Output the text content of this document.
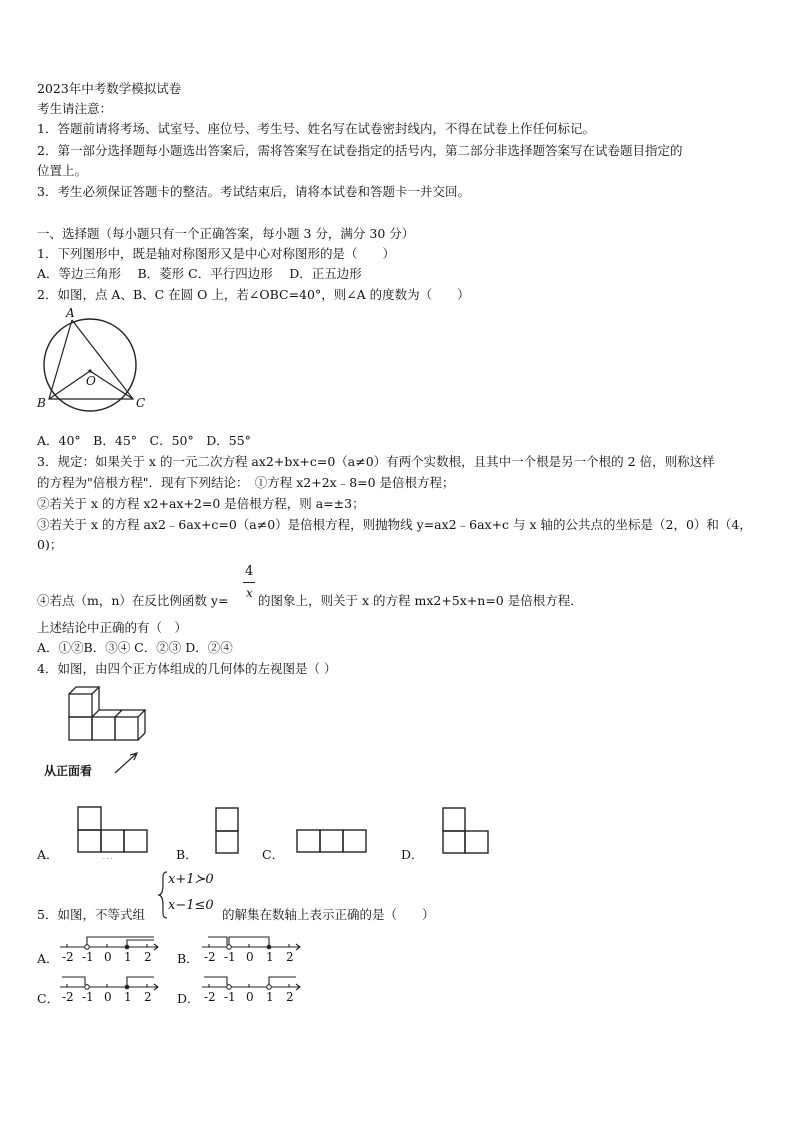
2023年中考数学模拟试卷
考生请注意：
1．答题前请将考场、试室号、座位号、考生号、姓名写在试卷密封线内，不得在试卷上作任何标记。
2．第一部分选择题每小题选出答案后，需将答案写在试卷指定的括号内，第二部分非选择题答案写在试卷题目指定的
位置上。
3．考生必须保证答题卡的整洁。考试结束后，请将本试卷和答题卡一并交回。
一、选择题（每小题只有一个正确答案，每小题 3 分，满分 30 分）
1．下列图形中，既是轴对称图形又是中心对称图形的是（　　）
A．等边三角形　 B．菱形 C．平行四边形　 D．正五边形
2．如图，点 A、B、C 在圆 O 上，若∠OBC=40°，则∠A 的度数为（　　）
A
O
B	C
A．40°　B．45°　C．50°　D．55°
3．规定：如果关于 x 的一元二次方程 ax2+bx+c=0（a≠0）有两个实数根，且其中一个根是另一个根的 2 倍，则称这样
的方程为"倍根方程"．现有下列结论：　①方程 x2+2x﹣8=0 是倍根方程；
②若关于 x 的方程 x2+ax+2=0 是倍根方程，则 a=±3；
③若关于 x 的方程 ax2﹣6ax+c=0（a≠0）是倍根方程，则抛物线 y=ax2﹣6ax+c 与 x 轴的公共点的坐标是（2，0）和（4，
0)；
④若点（m，n）在反比例函数 y=
4
x 的图象上，则关于 x 的方程 mx2+5x+n=0 是倍根方程．
上述结论中正确的有（　）
A．①②B．③④ C．②③ D．②④
4．如图，由四个正方体组成的几何体的左视图是（ ）
从正面看
A．	. . .	B．	C．	D．
5．如图，不等式组
x+1≻0
x−1≤0
的解集在数轴上表示正确的是（　　）
A．	B．
C．	D．
-2 -1 0 1 2	-2 -1 0 1 2
-2 -1 0 1 2	-2 -1 0 1 2
